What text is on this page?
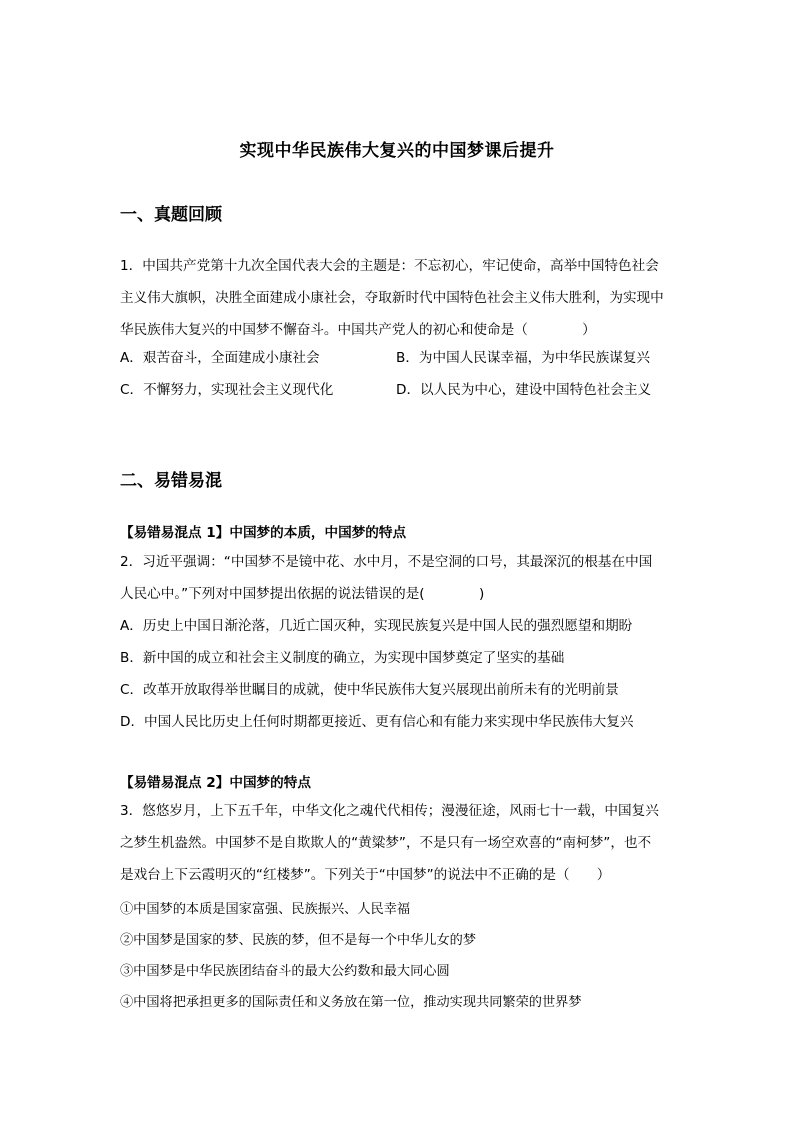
实现中华民族伟大复兴的中国梦课后提升
一、真题回顾
1．中国共产党第十九次全国代表大会的主题是：不忘初心，牢记使命，高举中国特色社会
主义伟大旗帜，决胜全面建成小康社会，夺取新时代中国特色社会主义伟大胜利，为实现中
华民族伟大复兴的中国梦不懈奋斗。中国共产党人的初心和使命是（　　　　）
A．艰苦奋斗，全面建成小康社会	B．为中国人民谋幸福，为中华民族谋复兴
C．不懈努力，实现社会主义现代化	D．以人民为中心，建设中国特色社会主义
二、易错易混
【易错易混点 1】中国梦的本质，中国梦的特点
2．习近平强调：“中国梦不是镜中花、水中月，不是空洞的口号，其最深沉的根基在中国
人民心中。”下列对中国梦提出依据的说法错误的是(　　　　)
A．历史上中国日渐沦落，几近亡国灭种，实现民族复兴是中国人民的强烈愿望和期盼
B．新中国的成立和社会主义制度的确立，为实现中国梦奠定了坚实的基础
C．改革开放取得举世瞩目的成就，使中华民族伟大复兴展现出前所未有的光明前景
D．中国人民比历史上任何时期都更接近、更有信心和有能力来实现中华民族伟大复兴
【易错易混点 2】中国梦的特点
3．悠悠岁月，上下五千年，中华文化之魂代代相传；漫漫征途，风雨七十一载，中国复兴
之梦生机盎然。中国梦不是自欺欺人的“黄粱梦”，不是只有一场空欢喜的“南柯梦”，也不
是戏台上下云霞明灭的“红楼梦”。下列关于“中国梦”的说法中不正确的是（　　）
①中国梦的本质是国家富强、民族振兴、人民幸福
②中国梦是国家的梦、民族的梦，但不是每一个中华儿女的梦
③中国梦是中华民族团结奋斗的最大公约数和最大同心圆
④中国将把承担更多的国际责任和义务放在第一位，推动实现共同繁荣的世界梦
